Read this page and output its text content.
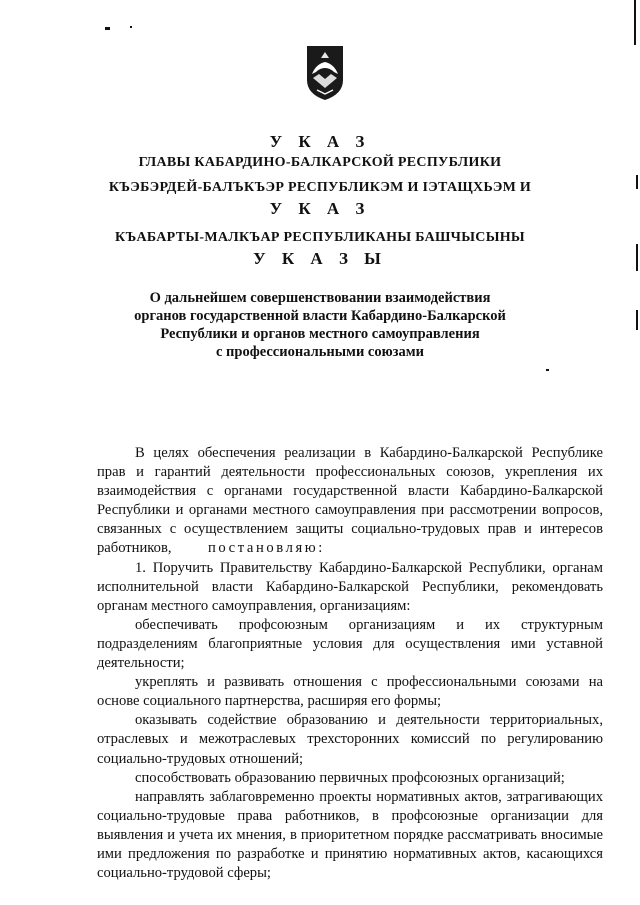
У К А З
ГЛАВЫ КАБАРДИНО-БАЛКАРСКОЙ РЕСПУБЛИКИ
КЪЭБЭРДЕЙ-БАЛЪКЪЭР РЕСПУБЛИКЭМ И ІЭТАЩХЬЭМ И
У К А З
КЪАБАРТЫ-МАЛКЪАР РЕСПУБЛИКАНЫ БАШЧЫСЫНЫ
У К А З Ы
О дальнейшем совершенствовании взаимодействия
органов государственной власти Кабардино-Балкарской
Республики и органов местного самоуправления
с профессиональными союзами

В целях обеспечения реализации в Кабардино-Балкарской Республике прав и гарантий деятельности профессиональных союзов, укрепления их взаимодействия с органами государственной власти Кабардино-Балкарской Республики и органами местного самоуправления при рассмотрении вопросов, связанных с осуществлением защиты социально-трудовых прав и интересов работников, постановляю:

1. Поручить Правительству Кабардино-Балкарской Республики, органам исполнительной власти Кабардино-Балкарской Республики, рекомендовать органам местного самоуправления, организациям:

обеспечивать профсоюзным организациям и их структурным подразделениям благоприятные условия для осуществления ими уставной деятельности;

укреплять и развивать отношения с профессиональными союзами на основе социального партнерства, расширяя его формы;

оказывать содействие образованию и деятельности территориальных, отраслевых и межотраслевых трехсторонних комиссий по регулированию социально-трудовых отношений;

способствовать образованию первичных профсоюзных организаций;

направлять заблаговременно проекты нормативных актов, затрагивающих социально-трудовые права работников, в профсоюзные организации для выявления и учета их мнения, в приоритетном порядке рассматривать вносимые ими предложения по разработке и принятию нормативных актов, касающихся социально-трудовой сферы;
